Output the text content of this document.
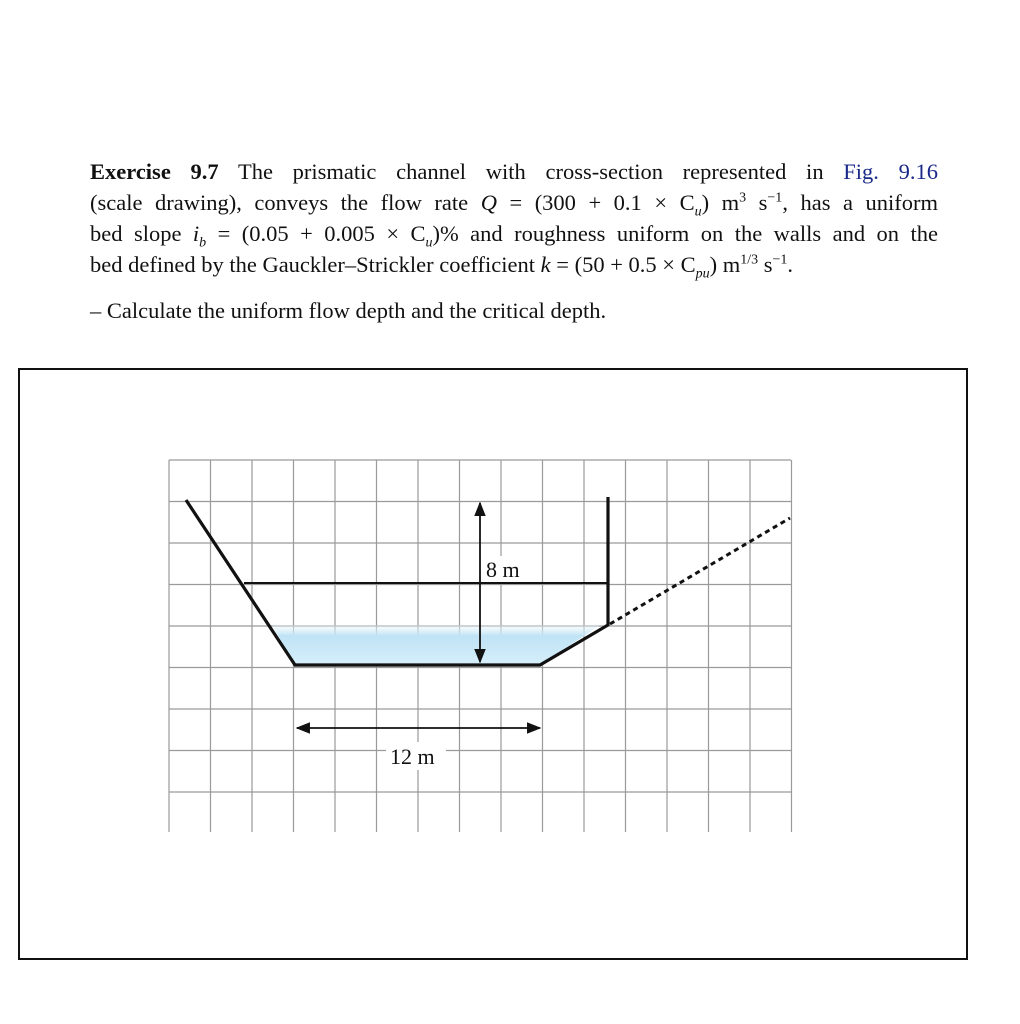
Exercise 9.7 The prismatic channel with cross-section represented in Fig. 9.16
(scale drawing), conveys the flow rate $Q = (300 + 0.1 \times C_u)$ $m^3$ $s^{-1}$, has a uniform
bed slope $i_b = (0.05 + 0.005 \times C_u)\%$ and roughness uniform on the walls and on the
bed defined by the Gauckler–Strickler coefficient $k = (50 + 0.5 \times C_{pu})$ $m^{1/3}$ $s^{-1}$.

– Calculate the uniform flow depth and the critical depth.
8 m
12 m
